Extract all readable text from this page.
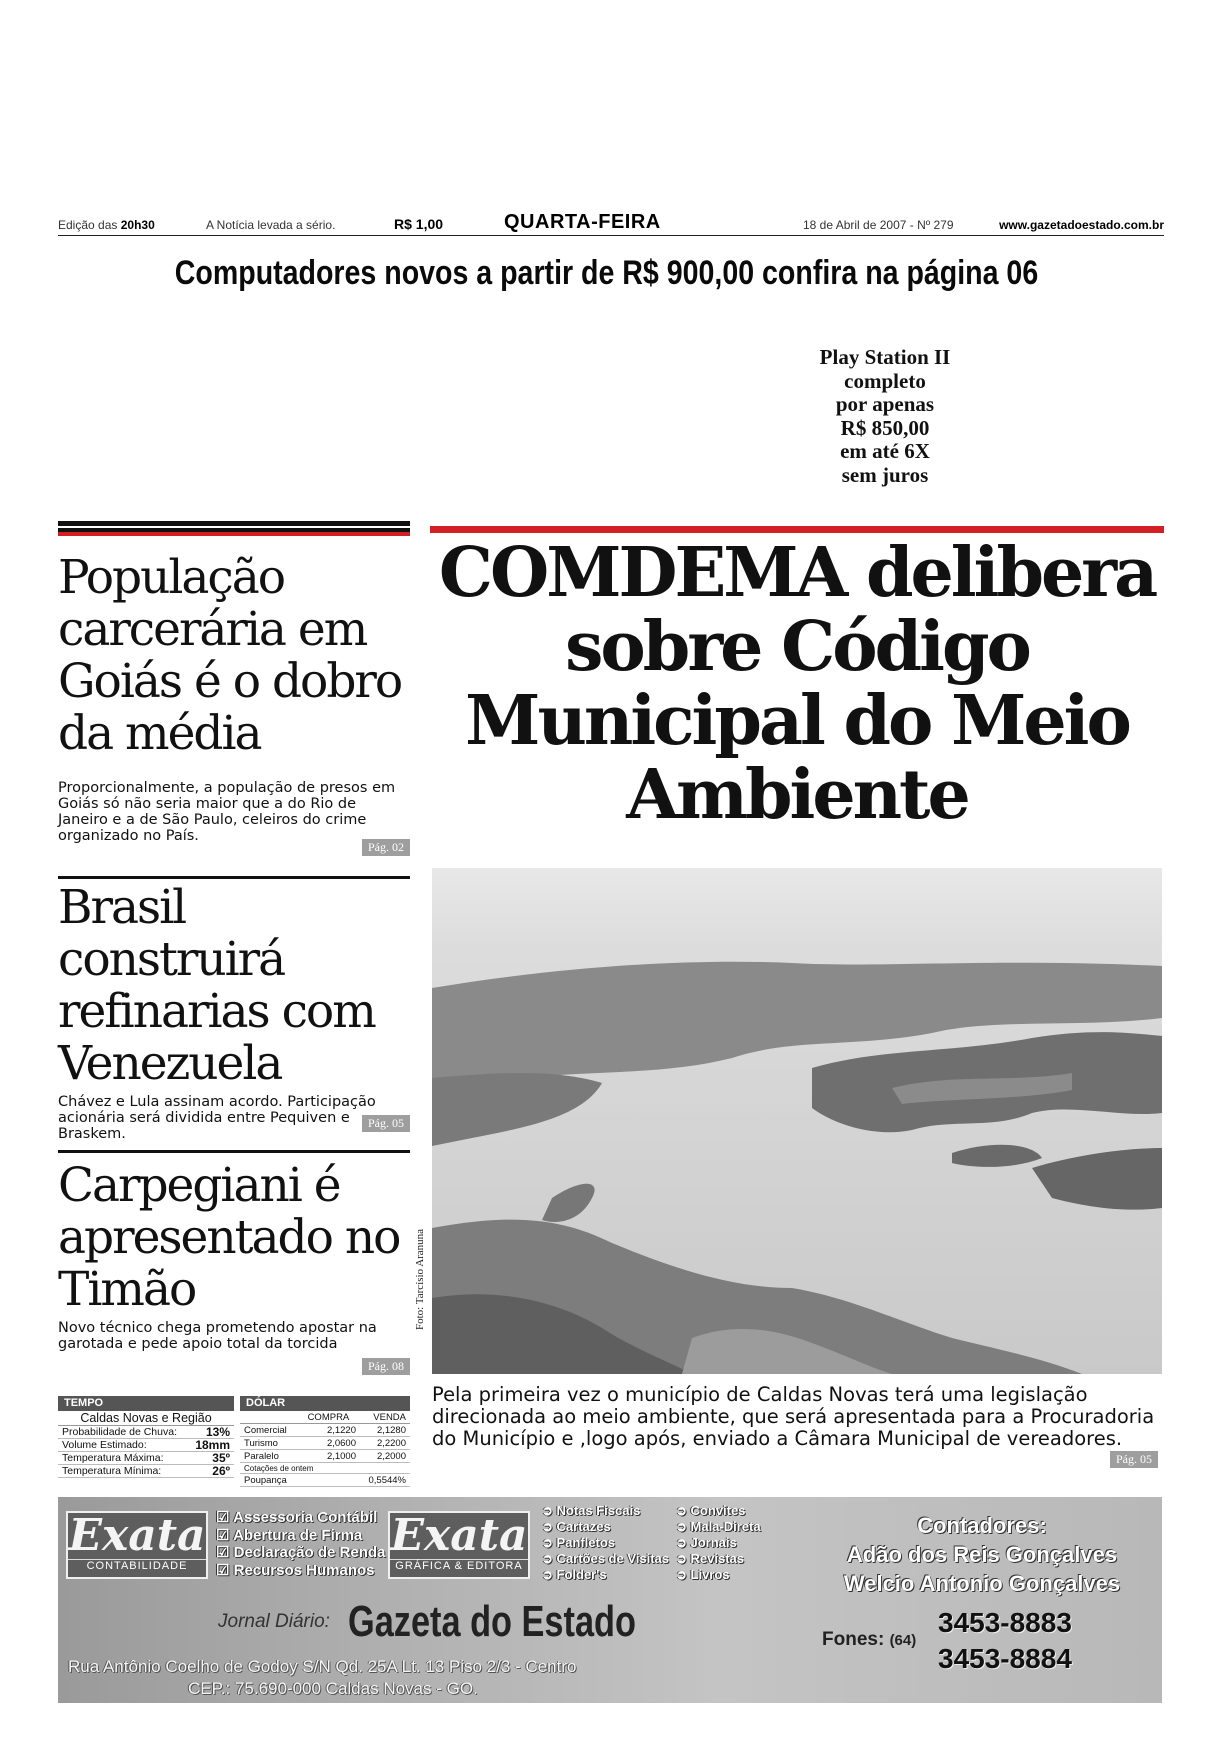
Edição das 20h30	A Notícia levada a sério.	R$ 1,00	QUARTA-FEIRA	18 de Abril de 2007 - Nº 279	www.gazetadoestado.com.br
Computadores novos a partir de R$ 900,00 confira na página 06
Play Station II
completo
por apenas
R$ 850,00
em até 6X
sem juros
População carcerária em Goiás é o dobro da média

Proporcionalmente, a população de presos em Goiás só não seria maior que a do Rio de Janeiro e a de São Paulo, celeiros do crime organizado no País.

Pág. 02
Brasil construirá refinarias com Venezuela

Chávez e Lula assinam acordo. Participação acionária será dividida entre Pequiven e Braskem.

Pág. 05
Carpegiani é apresentado no Timão

Novo técnico chega prometendo apostar na garotada e pede apoio total da torcida

Pág. 08
TEMPO
Caldas Novas e Região
Probabilidade de Chuva: 13%
Volume Estimado:	18mm
Temperatura Máxima:	35º
Temperatura Mínima:	26º
DÓLAR
COMPRA	VENDA
Comercial	2,1220 2,1280
Turismo	2,0600 2,2200
Paralelo	2,1000 2,2000
Cotações de ontem
Poupança	0,5544%
COMDEMA delibera sobre Código Municipal do Meio Ambiente
Foto: Tarcísio Aranuna

Pela primeira vez o município de Caldas Novas terá uma legislação direcionada ao meio ambiente, que será apresentada para a Procuradoria do Município e ,logo após, enviado a Câmara Municipal de vereadores.

Pág. 05
Exata
CONTABILIDADE
☑ Assessoria Contábil
☑ Abertura de Firma
☑ Declaração de Renda
☑ Recursos Humanos
Exata
GRÁFICA & EDITORA
➲ Notas Fiscais
➲ Cartazes
➲ Panfletos
➲ Cartões de Visitas
➲ Folder's
➲ Convites
➲ Mala-Direta
➲ Jornais
➲ Revistas
➲ Livros
Contadores:
Adão dos Reis Gonçalves
Welcio Antonio Gonçalves
Jornal Diário: Gazeta do Estado	Fones: (64)
3453-8883
3453-8884
Rua Antônio Coelho de Godoy S/N Qd. 25A Lt. 13 Piso 2/3 - Centro
CEP.: 75.690-000 Caldas Novas - GO.
